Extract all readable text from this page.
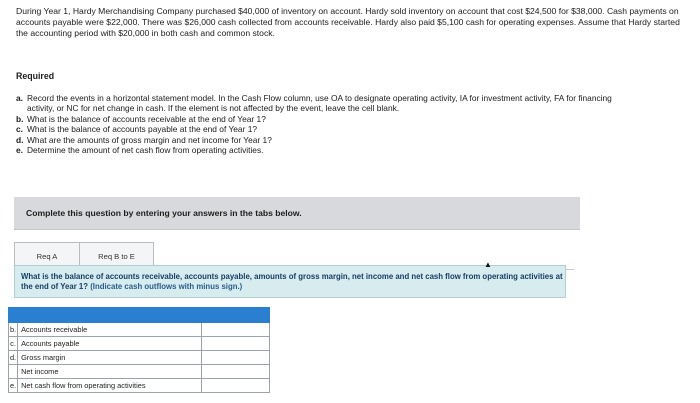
During Year 1, Hardy Merchandising Company purchased $40,000 of inventory on account. Hardy sold inventory on account that cost $24,500 for $38,000. Cash payments on accounts payable were $22,000. There was $26,000 cash collected from accounts receivable. Hardy also paid $5,100 cash for operating expenses. Assume that Hardy started the accounting period with $20,000 in both cash and common stock.

Required
a. Record the events in a horizontal statement model. In the Cash Flow column, use OA to designate operating activity, IA for investment activity, FA for financing activity, or NC for net change in cash. If the element is not affected by the event, leave the cell blank.
b. What is the balance of accounts receivable at the end of Year 1?
c. What is the balance of accounts payable at the end of Year 1?
d. What are the amounts of gross margin and net income for Year 1?
e. Determine the amount of net cash flow from operating activities.
Complete this question by entering your answers in the tabs below.
Req A	Req B to E
What is the balance of accounts receivable, accounts payable, amounts of gross margin, net income and net cash flow from operating activities at the end of Year 1? (Indicate cash outflows with minus sign.)
▲

b.	Accounts receivable	
c.	Accounts payable	
d.	Gross margin	
	Net income	
e.	Net cash flow from operating activities	
